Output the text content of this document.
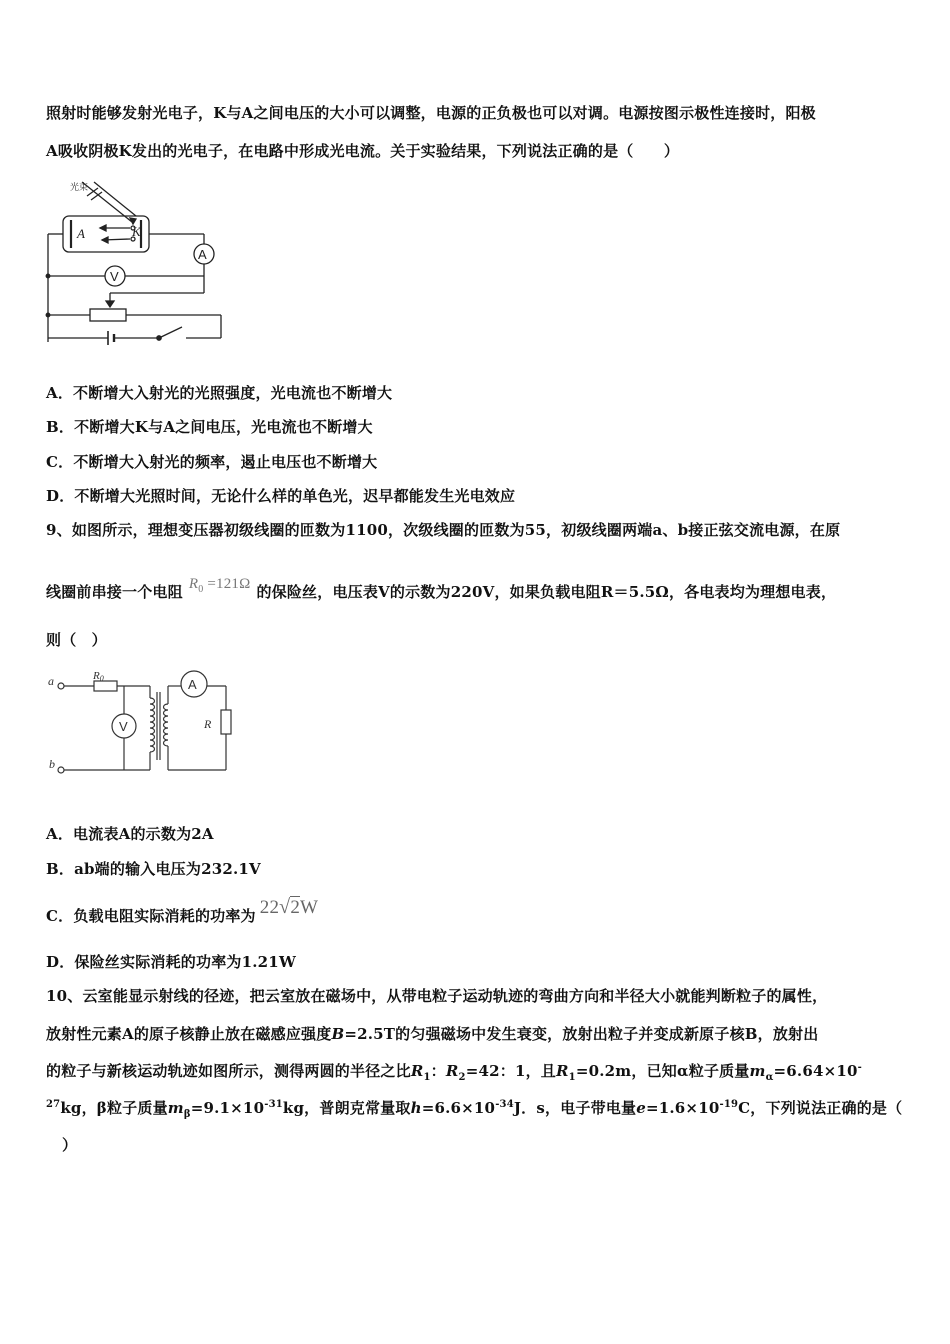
照射时能够发射光电子，K与A之间电压的大小可以调整，电源的正负极也可以对调。电源按图示极性连接时，阳极
A吸收阴极K发出的光电子，在电路中形成光电流。关于实验结果，下列说法正确的是（　　）
光束
A	K
A
V
A．不断增大入射光的光照强度，光电流也不断增大
B．不断增大K与A之间电压，光电流也不断增大
C．不断增大入射光的频率，遏止电压也不断增大
D．不断增大光照时间，无论什么样的单色光，迟早都能发生光电效应
9、如图所示，理想变压器初级线圈的匝数为1100，次级线圈的匝数为55，初级线圈两端a、b接正弦交流电源，在原
线圈前串接一个电阻 $R_0 =121\Omega$ 的保险丝，电压表V的示数为220V，如果负载电阻R＝5.5Ω，各电表均为理想电表，
则（　）
a	R0
V
b
A
R
A．电流表A的示数为2A
B．ab端的输入电压为232.1V
C．负载电阻实际消耗的功率为 22√2W
D．保险丝实际消耗的功率为1.21W
10、云室能显示射线的径迹，把云室放在磁场中，从带电粒子运动轨迹的弯曲方向和半径大小就能判断粒子的属性，
放射性元素A的原子核静止放在磁感应强度B=2.5T的匀强磁场中发生衰变，放射出粒子并变成新原子核B，放射出
的粒子与新核运动轨迹如图所示，测得两圆的半径之比$R_1$：$R_2=42$：1，且$R_1=0.2m$，已知α粒子质量$m_\alpha=6.64\times 10^-$
$^{27}$kg，β粒子质量$m_\beta=9.1\times 10^{-31}kg$，普朗克常量取$h=6.6\times 10^{-34}J$．s，电子带电量$e=1.6\times 10^{-19}C$，下列说法正确的是（
）
